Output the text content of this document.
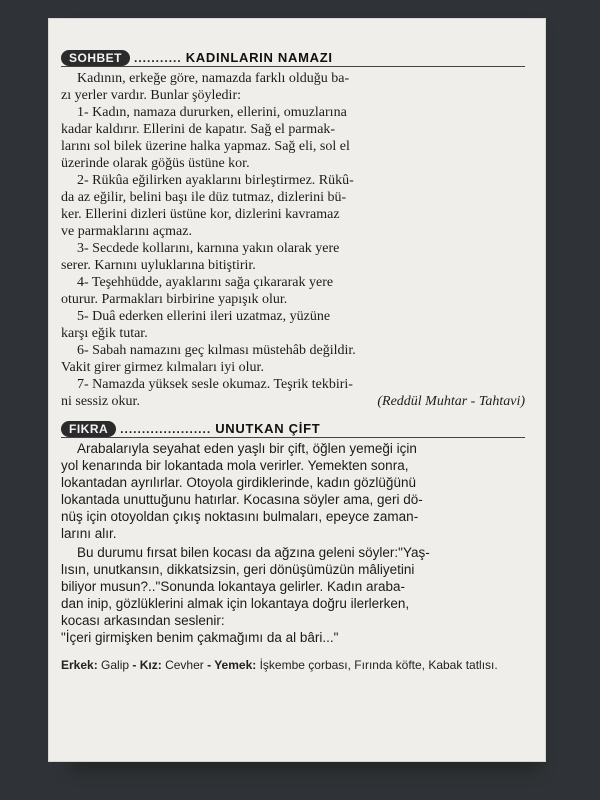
SOHBET	........... KADINLARIN NAMAZI

Kadının, erkeğe göre, namazda farklı olduğu ba-
zı yerler vardır. Bunlar şöyledir:

1- Kadın, namaza dururken, ellerini, omuzlarına
kadar kaldırır. Ellerini de kapatır. Sağ el parmak-
larını sol bilek üzerine halka yapmaz. Sağ eli, sol el
üzerinde olarak göğüs üstüne kor.

2- Rükûa eğilirken ayaklarını birleştirmez. Rükû-
da az eğilir, belini başı ile düz tutmaz, dizlerini bü-
ker. Ellerini dizleri üstüne kor, dizlerini kavramaz
ve parmaklarını açmaz.

3- Secdede kollarını, karnına yakın olarak yere
serer. Karnını uyluklarına bitiştirir.

4- Teşehhüdde, ayaklarını sağa çıkararak yere
oturur. Parmakları birbirine yapışık olur.

5- Duâ ederken ellerini ileri uzatmaz, yüzüne
karşı eğik tutar.

6- Sabah namazını geç kılması müstehâb değildir.
Vakit girer girmez kılmaları iyi olur.

7- Namazda yüksek sesle okumaz. Teşrik tekbiri-

ni sessiz okur.	(Reddül Muhtar - Tahtavi)
FIKRA	..................... UNUTKAN ÇİFT

Arabalarıyla seyahat eden yaşlı bir çift, öğlen yemeği için
yol kenarında bir lokantada mola verirler. Yemekten sonra,
lokantadan ayrılırlar. Otoyola girdiklerinde, kadın gözlüğünü
lokantada unuttuğunu hatırlar. Kocasına söyler ama, geri dö-
nüş için otoyoldan çıkış noktasını bulmaları, epeyce zaman-
larını alır.

Bu durumu fırsat bilen kocası da ağzına geleni söyler:"Yaş-
lısın, unutkansın, dikkatsizsin, geri dönüşümüzün mâliyetini
biliyor musun?.."Sonunda lokantaya gelirler. Kadın araba-
dan inip, gözlüklerini almak için lokantaya doğru ilerlerken,
kocası arkasından seslenir:
"İçeri girmişken benim çakmağımı da al bâri..."

Erkek: Galip - Kız: Cevher - Yemek: İşkembe çorbası, Fırında köfte, Kabak tatlısı.
